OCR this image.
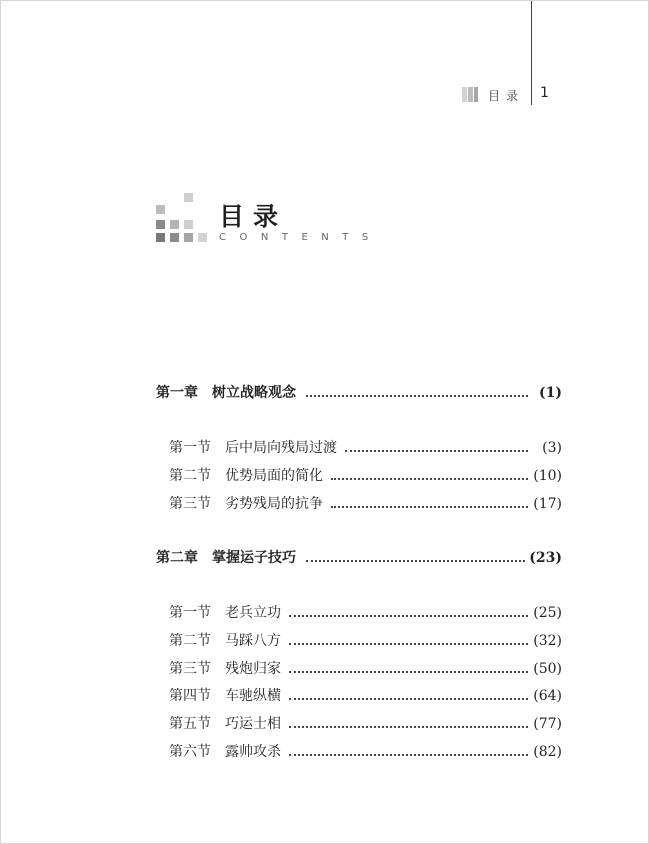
目录 1
目录
CONTENTS
第一章 树立战略观念	(1)
第一节 后中局向残局过渡	(3)
第二节 优势局面的简化	(10)
第三节 劣势残局的抗争	(17)
第二章 掌握运子技巧	(23)
第一节 老兵立功	(25)
第二节 马踩八方	(32)
第三节 残炮归家	(50)
第四节 车驰纵横	(64)
第五节 巧运士相	(77)
第六节 露帅攻杀	(82)
